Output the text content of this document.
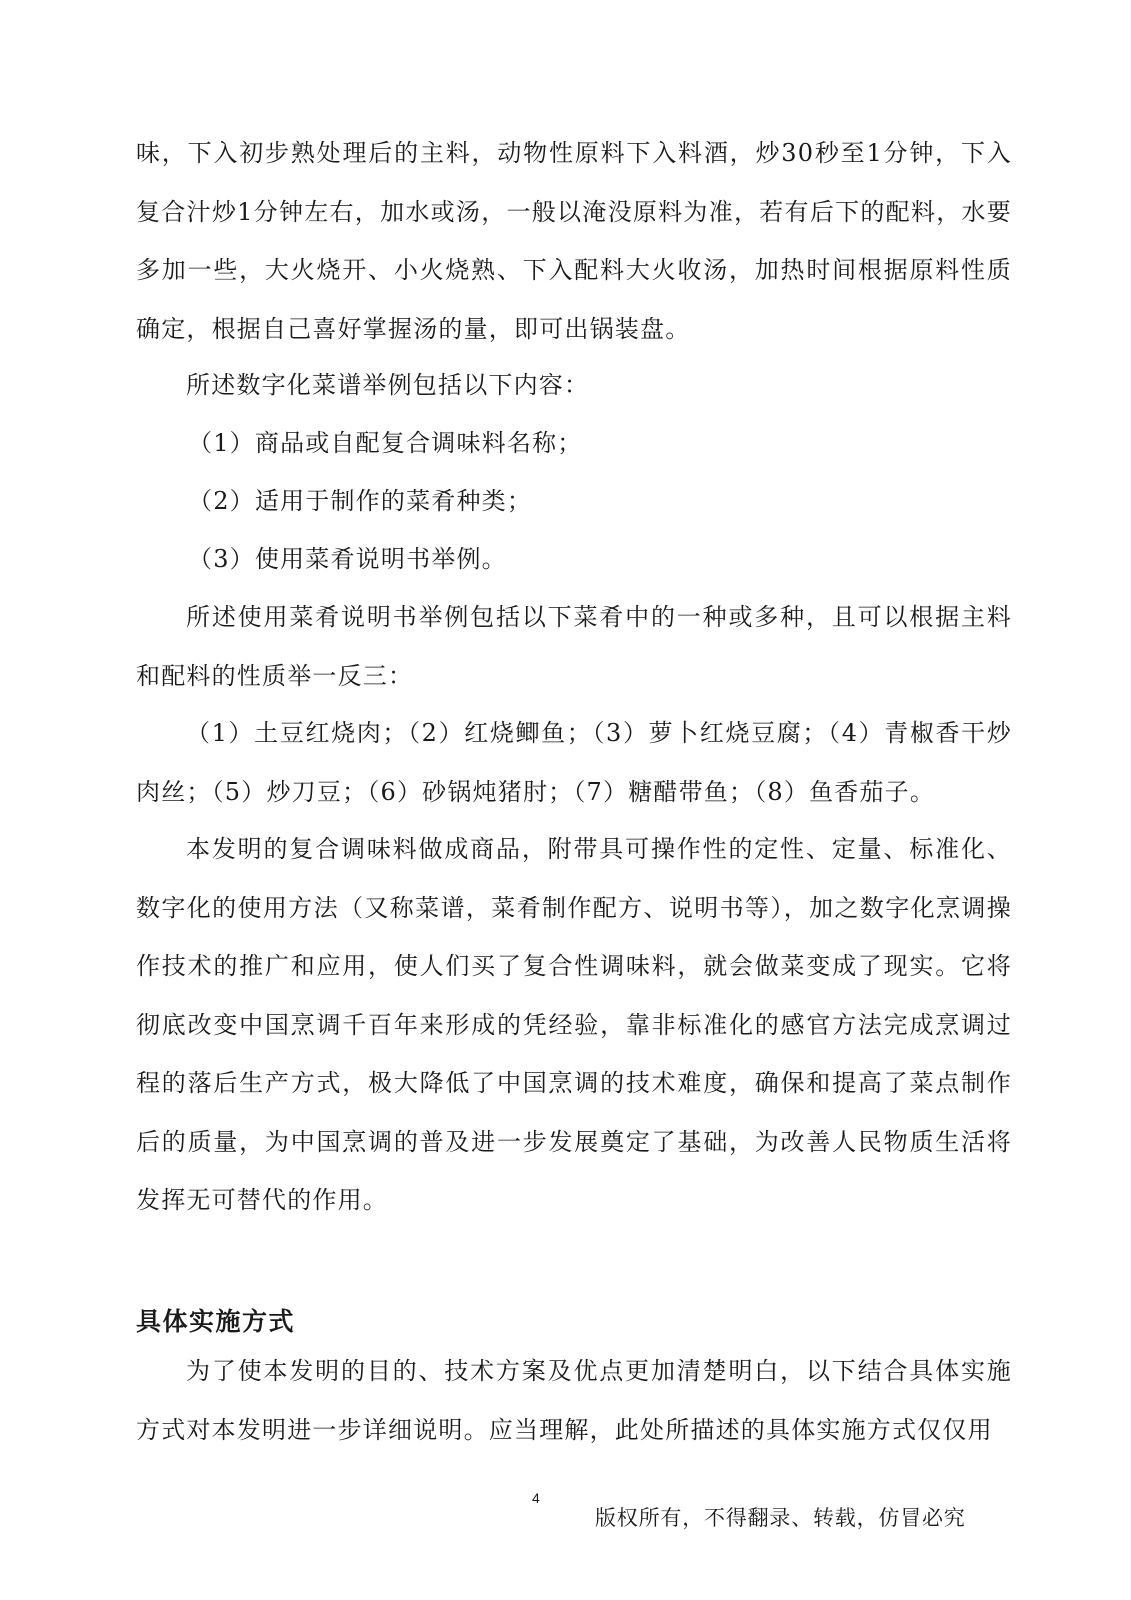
味，下入初步熟处理后的主料，动物性原料下入料酒，炒30秒至1分钟，下入复合汁炒1分钟左右，加水或汤，一般以淹没原料为准，若有后下的配料，水要多加一些，大火烧开、小火烧熟、下入配料大火收汤，加热时间根据原料性质确定，根据自己喜好掌握汤的量，即可出锅装盘。

所述数字化菜谱举例包括以下内容：

（1）商品或自配复合调味料名称；

（2）适用于制作的菜肴种类；

（3）使用菜肴说明书举例。

所述使用菜肴说明书举例包括以下菜肴中的一种或多种，且可以根据主料和配料的性质举一反三：

（1）土豆红烧肉；（2）红烧鲫鱼；（3）萝卜红烧豆腐；（4）青椒香干炒肉丝；（5）炒刀豆；（6）砂锅炖猪肘；（7）糖醋带鱼；（8）鱼香茄子。

本发明的复合调味料做成商品，附带具可操作性的定性、定量、标准化、数字化的使用方法（又称菜谱，菜肴制作配方、说明书等），加之数字化烹调操作技术的推广和应用，使人们买了复合性调味料，就会做菜变成了现实。它将彻底改变中国烹调千百年来形成的凭经验，靠非标准化的感官方法完成烹调过程的落后生产方式，极大降低了中国烹调的技术难度，确保和提高了菜点制作后的质量，为中国烹调的普及进一步发展奠定了基础，为改善人民物质生活将发挥无可替代的作用。

具体实施方式

为了使本发明的目的、技术方案及优点更加清楚明白，以下结合具体实施方式对本发明进一步详细说明。应当理解，此处所描述的具体实施方式仅仅用

4
版权所有，不得翻录、转载，仿冒必究
